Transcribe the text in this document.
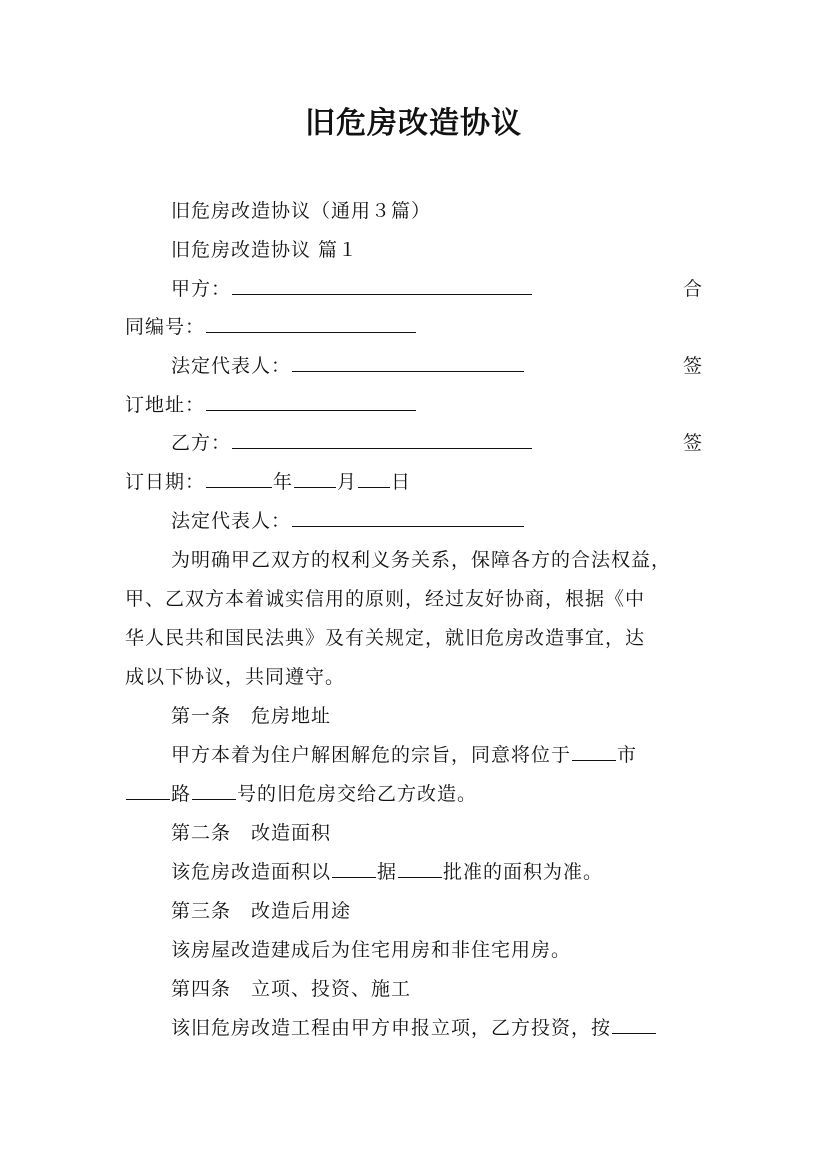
旧危房改造协议
旧危房改造协议（通用３篇）
旧危房改造协议 篇１
甲方：	合
同编号：
法定代表人：	签
订地址：
乙方：	签
订日期：	年 月 日
法定代表人：
为明确甲乙双方的权利义务关系，保障各方的合法权益，
甲、乙双方本着诚实信用的原则，经过友好协商，根据《中
华人民共和国民法典》及有关规定，就旧危房改造事宜，达
成以下协议，共同遵守。
第一条　危房地址
甲方本着为住户解困解危的宗旨，同意将位于 市
路 号的旧危房交给乙方改造。
第二条　改造面积
该危房改造面积以 据 批准的面积为准。
第三条　改造后用途
该房屋改造建成后为住宅用房和非住宅用房。
第四条　立项、投资、施工
该旧危房改造工程由甲方申报立项，乙方投资，按
